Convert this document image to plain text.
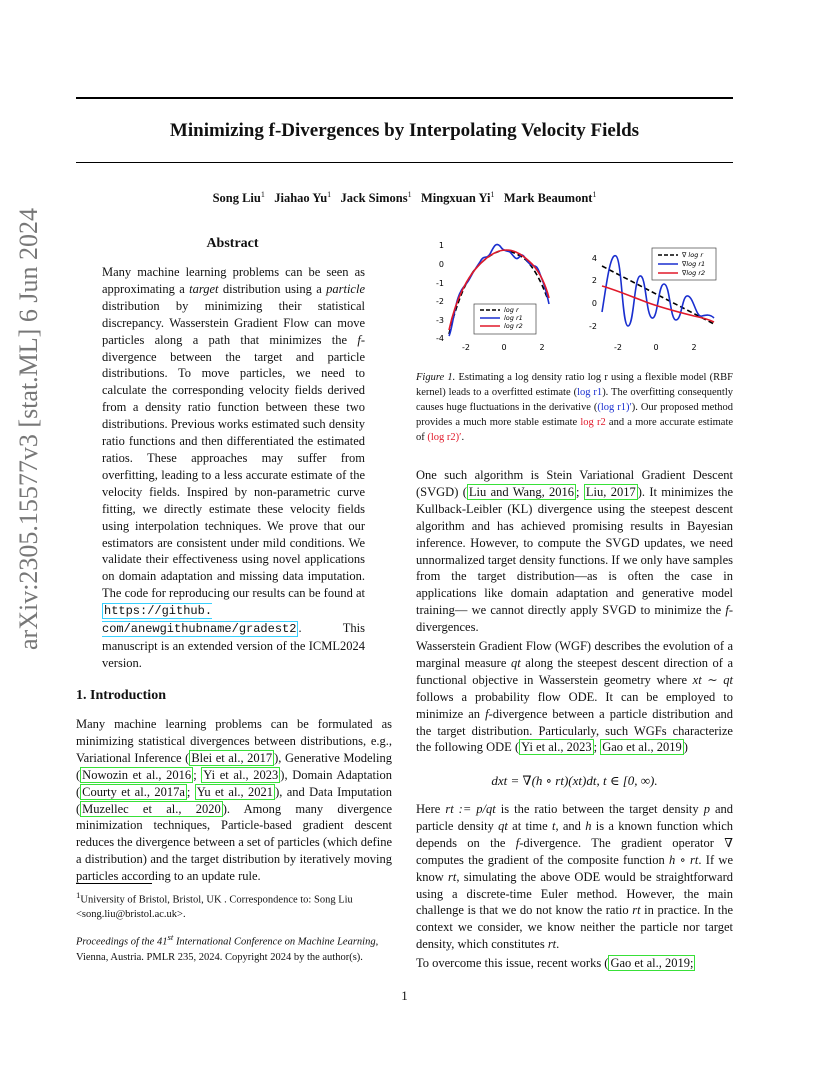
Minimizing f-Divergences by Interpolating Velocity Fields
Song Liu$^1$ Jiahao Yu$^1$ Jack Simons$^1$ Mingxuan Yi$^1$ Mark Beaumont$^1$
arXiv:2305.15577v3 [stat.ML] 6 Jun 2024	Abstract
Many machine learning problems can be seen as approximating a target distribution using a particle distribution by minimizing their statistical discrepancy. Wasserstein Gradient Flow can move particles along a path that minimizes the f-divergence between the target and particle distributions. To move particles, we need to calculate the corresponding velocity fields derived from a density ratio function between these two distributions. Previous works estimated such density ratio functions and then differentiated the estimated ratios. These approaches may suffer from overfitting, leading to a less accurate estimate of the velocity fields. Inspired by non-parametric curve fitting, we directly estimate these velocity fields using interpolation techniques. We prove that our estimators are consistent under mild conditions. We validate their effectiveness using novel applications on domain adaptation and missing data imputation. The code for reproducing our results can be found at https://github. com/anewgithubname/gradest2 . This manuscript is an extended version of the ICML2024 version.
1. Introduction
Many machine learning problems can be formulated as minimizing statistical divergences between distributions, e.g., Variational Inference ( Blei et al., 2017 ), Generative Modeling ( Nowozin et al., 2016 ; Yi et al., 2023 ), Domain Adaptation ( Courty et al., 2017a ; Yu et al., 2021 ), and Data Imputation ( Muzellec et al., 2020 ). Among many divergence minimization techniques, Particle-based gradient descent reduces the divergence between a set of particles (which define a distribution) and the target distribution by iteratively moving particles according to an update rule.
$^1$University of Bristol, Bristol, UK . Correspondence to: Song Liu <song.liu@bristol.ac.uk>.
Proceedings of the 41st International Conference on Machine Learning, Vienna, Austria. PMLR 235, 2024. Copyright 2024 by the author(s).
1
0
-1
-2
-3
-4
-2	0	2
log r
log r1
log r2
4
2
0
-2
-2	0	2
∇ log r
∇log r1
∇log r2
Figure 1. Estimating a log density ratio log r using a flexible model (RBF kernel) leads to a overfitted estimate (log r1). The overfitting consequently causes huge fluctuations in the derivative ((log r1)′). Our proposed method provides a much more stable estimate log r2 and a more accurate estimate of (log r2)′.
One such algorithm is Stein Variational Gradient Descent (SVGD) ( Liu and Wang, 2016 ; Liu, 2017 ). It minimizes the Kullback-Leibler (KL) divergence using the steepest descent algorithm and has achieved promising results in Bayesian inference. However, to compute the SVGD updates, we need unnormalized target density functions. If we only have samples from the target distribution—as is often the case in applications like domain adaptation and generative model training— we cannot directly apply SVGD to minimize the f-divergences.
Wasserstein Gradient Flow (WGF) describes the evolution of a marginal measure qt along the steepest descent direction of a functional objective in Wasserstein geometry where xt ∼ qt follows a probability flow ODE. It can be employed to minimize an f-divergence between a particle distribution and the target distribution. Particularly, such WGFs characterize the following ODE ( Yi et al., 2023 ; Gao et al., 2019 )
dxt = ∇(h ∘ rt)(xt)dt, t ∈ [0, ∞).
Here rt := p/qt is the ratio between the target density p and particle density qt at time t, and h is a known function which depends on the f-divergence. The gradient operator ∇ computes the gradient of the composite function h ∘ rt. If we know rt, simulating the above ODE would be straightforward using a discrete-time Euler method. However, the main challenge is that we do not know the ratio rt in practice. In the context we consider, we know neither the particle nor target density, which constitutes rt.
To overcome this issue, recent works ( Gao et al., 2019;
1
